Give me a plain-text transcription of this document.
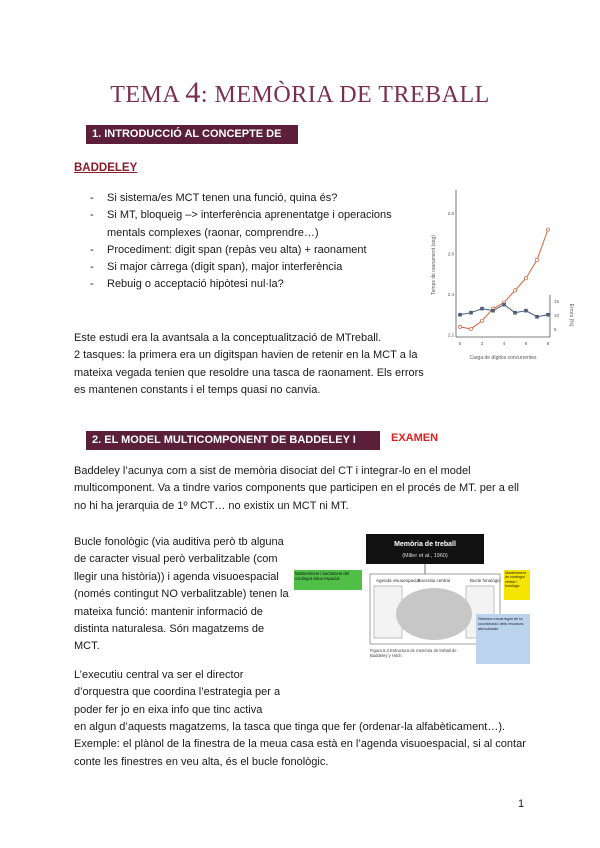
TEMA 4: MEMÒRIA DE TREBALL
1. INTRODUCCIÓ AL CONCEPTE DE MT
BADDELEY
- Si sistema/es MCT tenen una funció, quina és?
- Si MT, bloqueig –> interferència aprenentatge i operacions mentals complexes (raonar, comprendre…)
- Procediment: digit span (repàs veu alta) + raonament
- Si major càrrega (digit span), major interferència
- Rebuig o acceptació hipòtesi nul·la?
2.2
2.4
2.6
2.8
0	2	4	6	8
5
10
15
Temps de raonament (seg)
Errors (%)
Carga de dígitos concurrentes
Este estudi era la avantsala a la conceptualització de MTreball.
2 tasques: la primera era un digitspan havien de retenir en la MCT a la mateixa vegada tenien que resoldre una tasca de raonament. Els errors es mantenen constants i el temps quasi no canvia.
2. EL MODEL MULTICOMPONENT DE BADDELEY I HITCH
EXAMEN
Baddeley l’acunya com a sist de memòria disociat del CT i integrar-lo en el model multicomponent. Va a tindre varios components que participen en el procés de MT. per a ell no hi ha jerarquia de 1º MCT… no existix un MCT ni MT.
Bucle fonològic (via auditiva però tb alguna de caracter visual però verbalitzable (com llegir una història)) i agenda visuoespacial (només contingut NO verbalitzable) tenen la mateixa funció: mantenir informació de distinta naturalesa. Són magatzems de MCT.
L’executiu central va ser el director d’orquestra que coordina l’estrategia per a poder fer jo en eixa info que tinc activa
en algun d’aquests magatzems, la tasca que tinga que fer (ordenar-la alfabèticament…). Exemple: el plànol de la finestra de la meua casa està en l’agenda visuoespacial, si al contar conte les finestres en veu alta, és el bucle fonològic.
Memòria de treball
(Miller et al., 1960)
Executiu central
Agenda visuoespacial	Bucle fonològic
Manteniment i tractament del contingut visuo espacial
Manteniment de contingut verbal i fonològic
Sistema encarregat de la coordinació dels recursos atencionals
Figura 6.3 Estructura de memòria de treball de Baddeley y Hitch.
1
